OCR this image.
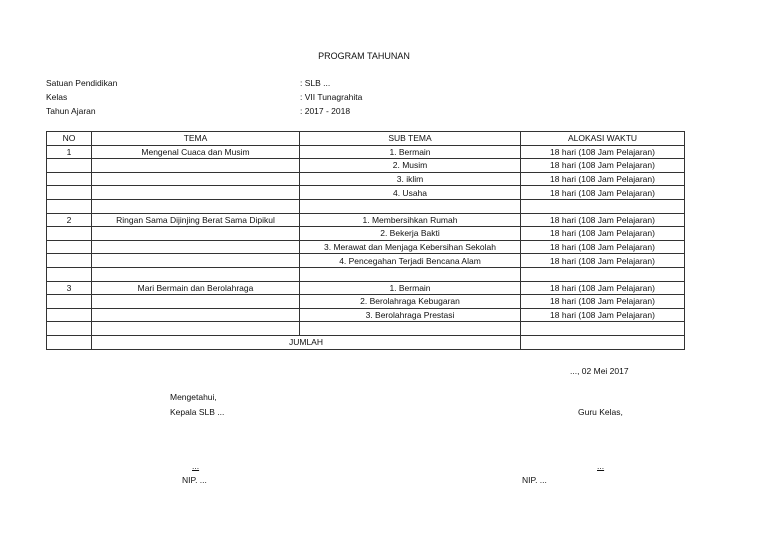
PROGRAM TAHUNAN
Satuan Pendidikan	: SLB ...
Kelas	: VII Tunagrahita
Tahun Ajaran	: 2017 - 2018
NO	TEMA	SUB TEMA	ALOKASI WAKTU
1	Mengenal Cuaca dan Musim	1. Bermain	18 hari (108 Jam Pelajaran)
		2. Musim	18 hari (108 Jam Pelajaran)
		3. iklim	18 hari (108 Jam Pelajaran)
		4. Usaha	18 hari (108 Jam Pelajaran)

2	Ringan Sama Dijinjing Berat Sama Dipikul	1. Membersihkan Rumah	18 hari (108 Jam Pelajaran)
		2. Bekerja Bakti	18 hari (108 Jam Pelajaran)
		3. Merawat dan Menjaga Kebersihan Sekolah	18 hari (108 Jam Pelajaran)
		4. Pencegahan Terjadi Bencana Alam	18 hari (108 Jam Pelajaran)

3	Mari Bermain dan Berolahraga	1. Bermain	18 hari (108 Jam Pelajaran)
		2. Berolahraga Kebugaran	18 hari (108 Jam Pelajaran)
		3. Berolahraga Prestasi	18 hari (108 Jam Pelajaran)

	JUMLAH		
..., 02 Mei 2017
Mengetahui,
Kepala SLB ...	Guru Kelas,
...
NIP. ...
...
NIP. ...
